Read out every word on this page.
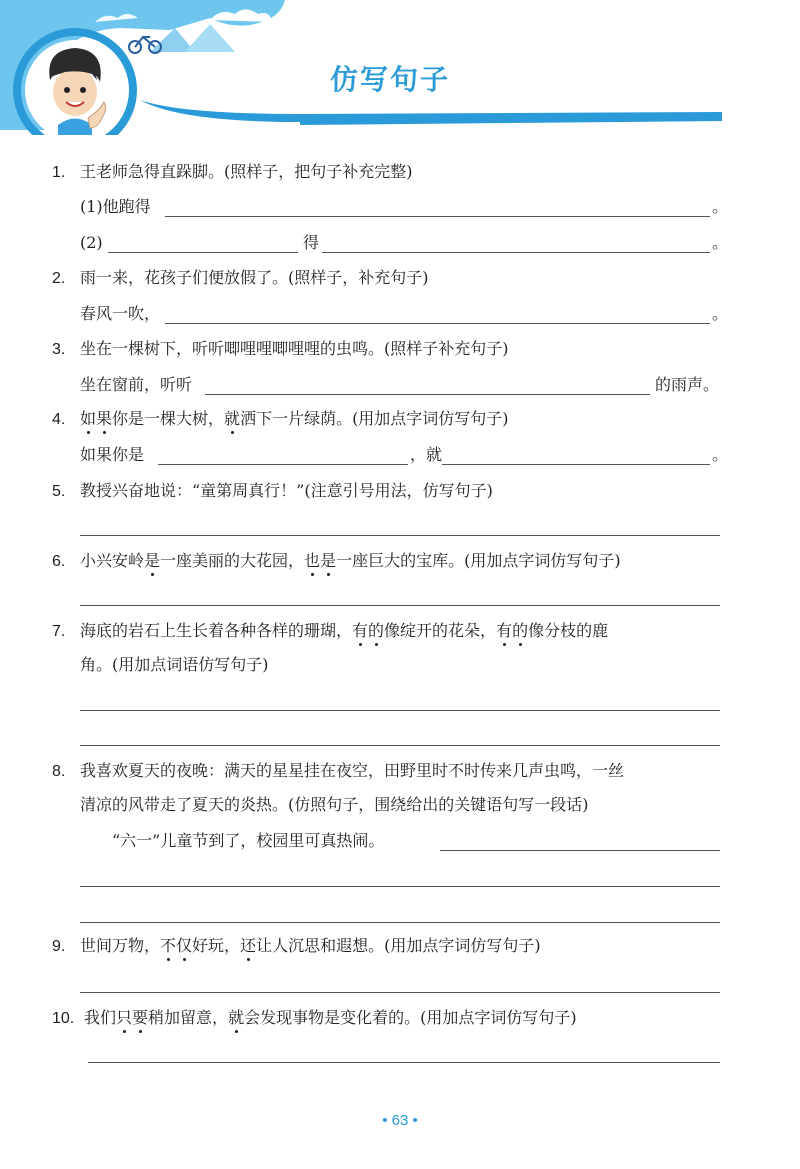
仿写句子
1. 王老师急得直跺脚。(照样子，把句子补充完整)
(1)他跑得	。
(2)	得	。
2. 雨一来，花孩子们便放假了。(照样子，补充句子)
春风一吹，	。
3. 坐在一棵树下，听听唧哩哩唧哩哩的虫鸣。(照样子补充句子)
坐在窗前，听听	的雨声。
4. 如果你是一棵大树，就洒下一片绿荫。(用加点字词仿写句子)
如果你是	，就	。
5. 教授兴奋地说：“童第周真行！”(注意引号用法，仿写句子)
6. 小兴安岭是一座美丽的大花园，也是一座巨大的宝库。(用加点字词仿写句子)
7. 海底的岩石上生长着各种各样的珊瑚，有的像绽开的花朵，有的像分枝的鹿
角。(用加点词语仿写句子)
8. 我喜欢夏天的夜晚：满天的星星挂在夜空，田野里时不时传来几声虫鸣，一丝
清凉的风带走了夏天的炎热。(仿照句子，围绕给出的关键语句写一段话)
“六一”儿童节到了，校园里可真热闹。
9. 世间万物，不仅好玩，还让人沉思和遐想。(用加点字词仿写句子)
10. 我们只要稍加留意，就会发现事物是变化着的。(用加点字词仿写句子)
• 63 •
